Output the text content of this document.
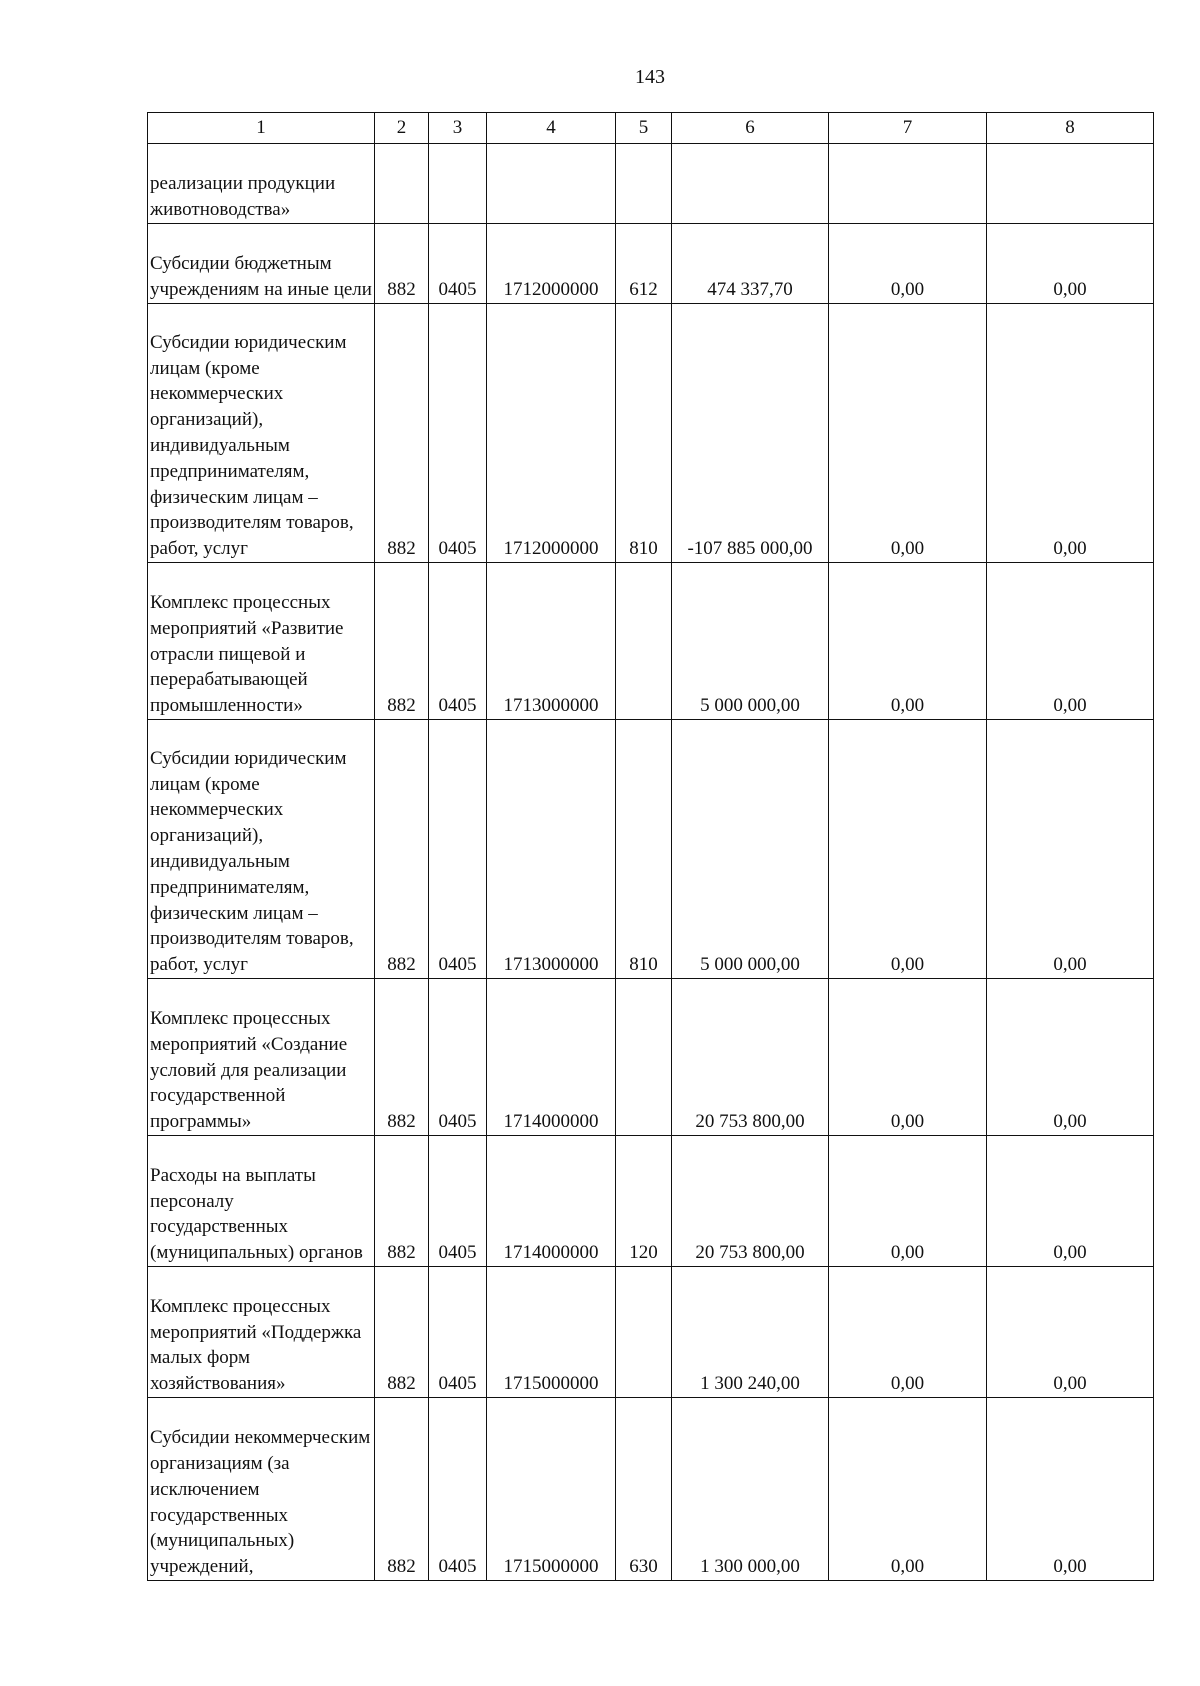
143
1	2	3	4	5	6	7	8
реализации продукции животноводства»							
Субсидии бюджетным учреждениям на иные цели	882	0405	1712000000	612	474 337,70	0,00	0,00
Субсидии юридическим лицам (кроме некоммерческих организаций), индивидуальным предпринимателям, физическим лицам – производителям товаров, работ, услуг	882	0405	1712000000	810	-107 885 000,00	0,00	0,00
Комплекс процессных мероприятий «Развитие отрасли пищевой и перерабатывающей промышленности»	882	0405	1713000000		5 000 000,00	0,00	0,00
Субсидии юридическим лицам (кроме некоммерческих организаций), индивидуальным предпринимателям, физическим лицам – производителям товаров, работ, услуг	882	0405	1713000000	810	5 000 000,00	0,00	0,00
Комплекс процессных мероприятий «Создание условий для реализации государственной программы»	882	0405	1714000000		20 753 800,00	0,00	0,00
Расходы на выплаты персоналу государственных (муниципальных) органов	882	0405	1714000000	120	20 753 800,00	0,00	0,00
Комплекс процессных мероприятий «Поддержка малых форм хозяйствования»	882	0405	1715000000		1 300 240,00	0,00	0,00
Субсидии некоммерческим организациям (за исключением государственных (муниципальных) учреждений,	882	0405	1715000000	630	1 300 000,00	0,00	0,00
